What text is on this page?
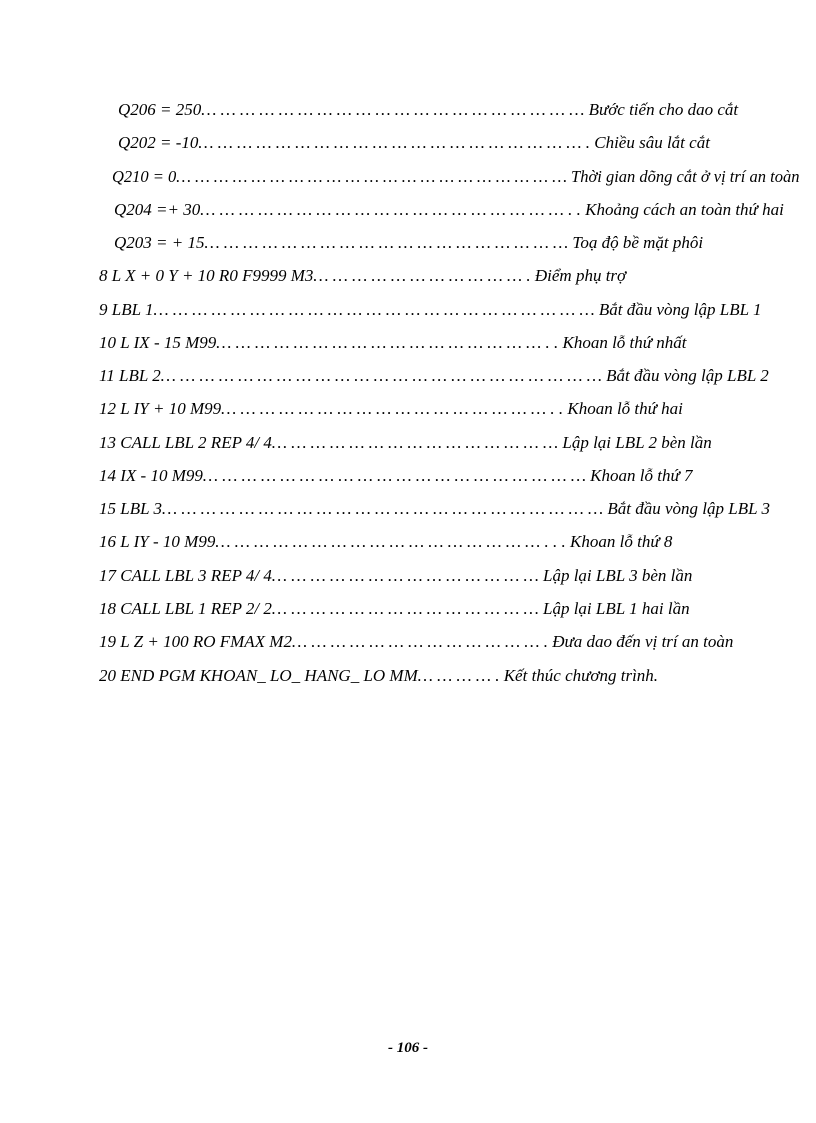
Q206 = 250… … … … … … … … … … … … … … … … … … … … Bước tiến cho dao cắt
Q202 = -10… … … … … … … … … … … … … … … … … … … … . Chiều sâu lắt cắt
Q210 = 0… … … … … … … … … … … … … … … … … … … … … Thời gian dõng cắt ở vị trí an toàn
Q204 =+ 30… … … … … … … … … … … … … … … … … … … . . Khoảng cách an toàn thứ hai
Q203 = + 15… … … … … … … … … … … … … … … … … … … Toạ độ bề mặt phôi
8 L X + 0 Y + 10 R0 F9999 M3… … … … … … … … … … … . Điểm phụ trợ
9 LBL 1… … … … … … … … … … … … … … … … … … … … … … … Bắt đầu vòng lập LBL 1
10 L IX - 15 M99… … … … … … … … … … … … … … … … … . . Khoan lỗ thứ nhất
11 LBL 2… … … … … … … … … … … … … … … … … … … … … … … Bắt đầu vòng lập LBL 2
12 L IY + 10 M99… … … … … … … … … … … … … … … … … . . Khoan lỗ thứ hai
13 CALL LBL 2 REP 4/ 4… … … … … … … … … … … … … … … Lập lại LBL 2 bèn lần
14 IX - 10 M99… … … … … … … … … … … … … … … … … … … … Khoan lỗ thứ 7
15 LBL 3… … … … … … … … … … … … … … … … … … … … … … … Bắt đầu vòng lập LBL 3
16 L IY - 10 M99… … … … … … … … … … … … … … … … … . . . Khoan lỗ thứ 8
17 CALL LBL 3 REP 4/ 4… … … … … … … … … … … … … … Lập lại LBL 3 bèn lần
18 CALL LBL 1 REP 2/ 2… … … … … … … … … … … … … … Lập lại LBL 1 hai lần
19 L Z + 100 RO FMAX M2… … … … … … … … … … … … … . Đưa dao đến vị trí an toàn
20 END PGM KHOAN_ LO_ HANG_ LO MM… … … … . Kết thúc chương trình.
- 106 -
